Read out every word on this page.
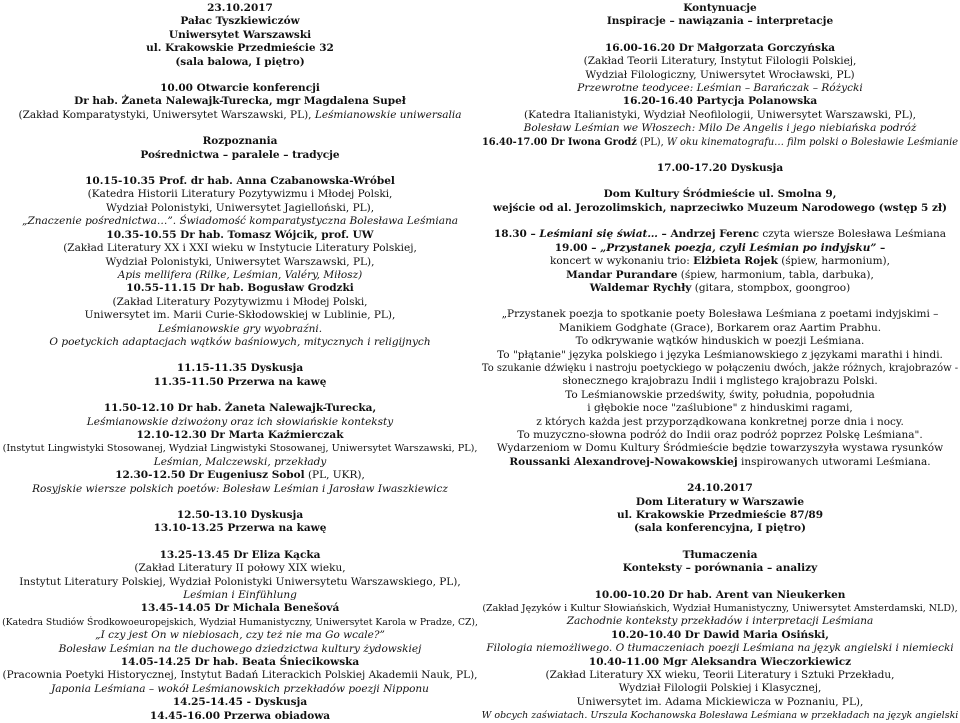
23.10.2017

Pałac Tyszkiewiczów

Uniwersytet Warszawski

ul. Krakowskie Przedmieście 32

(sala balowa, I piętro)

10.00 Otwarcie konferencji

Dr hab. Żaneta Nalewajk-Turecka, mgr Magdalena Supeł

(Zakład Komparatystyki, Uniwersytet Warszawski, PL), Leśmianowskie uniwersalia

Rozpoznania

Pośrednictwa – paralele – tradycje

10.15-10.35 Prof. dr hab. Anna Czabanowska-Wróbel

(Katedra Historii Literatury Pozytywizmu i Młodej Polski,

Wydział Polonistyki, Uniwersytet Jagielloński, PL),

„Znaczenie pośrednictwa…”. Świadomość komparatystyczna Bolesława Leśmiana

10.35-10.55 Dr hab. Tomasz Wójcik, prof. UW

(Zakład Literatury XX i XXI wieku w Instytucie Literatury Polskiej,

Wydział Polonistyki, Uniwersytet Warszawski, PL),

Apis mellifera (Rilke, Leśmian, Valéry, Miłosz)

10.55-11.15 Dr hab. Bogusław Grodzki

(Zakład Literatury Pozytywizmu i Młodej Polski,

Uniwersytet im. Marii Curie-Skłodowskiej w Lublinie, PL),

Leśmianowskie gry wyobraźni.

O poetyckich adaptacjach wątków baśniowych, mitycznych i religijnych

11.15-11.35 Dyskusja

11.35-11.50 Przerwa na kawę

11.50-12.10 Dr hab. Żaneta Nalewajk-Turecka,

Leśmianowskie dziwożony oraz ich słowiańskie konteksty

12.10-12.30 Dr Marta Kaźmierczak

(Instytut Lingwistyki Stosowanej, Wydział Lingwistyki Stosowanej, Uniwersytet Warszawski, PL),

Leśmian, Malczewski, przekłady

12.30-12.50 Dr Eugeniusz Sobol (PL, UKR),

Rosyjskie wiersze polskich poetów: Bolesław Leśmian i Jarosław Iwaszkiewicz

12.50-13.10 Dyskusja

13.10-13.25 Przerwa na kawę

13.25-13.45 Dr Eliza Kącka

(Zakład Literatury II połowy XIX wieku,

Instytut Literatury Polskiej, Wydział Polonistyki Uniwersytetu Warszawskiego, PL),

Leśmian i Einfühlung

13.45-14.05 Dr Michala Benešová

(Katedra Studiów Środkowoeuropejskich, Wydział Humanistyczny, Uniwersytet Karola w Pradze, CZ),

„I czy jest On w niebiosach, czy też nie ma Go wcale?”

Bolesław Leśmian na tle duchowego dziedzictwa kultury żydowskiej

14.05-14.25 Dr hab. Beata Śniecikowska

(Pracownia Poetyki Historycznej, Instytut Badań Literackich Polskiej Akademii Nauk, PL),

Japonia Leśmiana – wokół Leśmianowskich przekładów poezji Nipponu

14.25-14.45 - Dyskusja

14.45-16.00 Przerwa obiadowa

Kontynuacje

Inspiracje – nawiązania – interpretacje

16.00-16.20 Dr Małgorzata Gorczyńska

(Zakład Teorii Literatury, Instytut Filologii Polskiej,

Wydział Filologiczny, Uniwersytet Wrocławski, PL)

Przewrotne teodycee: Leśmian – Barańczak – Różycki

16.20-16.40 Partycja Polanowska

(Katedra Italianistyki, Wydział Neofilologii, Uniwersytet Warszawski, PL),

Bolesław Leśmian we Włoszech: Milo De Angelis i jego niebiańska podróż

16.40-17.00 Dr Iwona Grodź (PL), W oku kinematografu… film polski o Bolesławie Leśmianie

17.00-17.20 Dyskusja

Dom Kultury Śródmieście ul. Smolna 9,

wejście od al. Jerozolimskich, naprzeciwko Muzeum Narodowego (wstęp 5 zł)

18.30 – Leśmiani się świat… – Andrzej Ferenc czyta wiersze Bolesława Leśmiana

19.00 – „Przystanek poezja, czyli Leśmian po indyjsku” –

koncert w wykonaniu trio: Elżbieta Rojek (śpiew, harmonium),

Mandar Purandare (śpiew, harmonium, tabla, darbuka),

Waldemar Rychły (gitara, stompbox, goongroo)

„Przystanek poezja to spotkanie poety Bolesława Leśmiana z poetami indyjskimi –

Manikiem Godghate (Grace), Borkarem oraz Aartim Prabhu.

To odkrywanie wątków hinduskich w poezji Leśmiana.

To "płątanie" języka polskiego i języka Leśmianowskiego z językami marathi i hindi.

To szukanie dźwięku i nastroju poetyckiego w połączeniu dwóch, jakże różnych, krajobrazów -

słonecznego krajobrazu Indii i mglistego krajobrazu Polski.

To Leśmianowskie przedświty, świty, południa, popołudnia

i głębokie noce "zaślubione" z hinduskimi ragami,

z których każda jest przyporządkowana konkretnej porze dnia i nocy.

To muzyczno-słowna podróż do Indii oraz podróż poprzez Polskę Leśmiana".

Wydarzeniom w Domu Kultury Śródmieście będzie towarzyszyła wystawa rysunków

Roussanki Alexandrovej-Nowakowskiej inspirowanych utworami Leśmiana.

24.10.2017

Dom Literatury w Warszawie

ul. Krakowskie Przedmieście 87/89

(sala konferencyjna, I piętro)

Tłumaczenia

Konteksty – porównania – analizy

10.00-10.20 Dr hab. Arent van Nieukerken

(Zakład Języków i Kultur Słowiańskich, Wydział Humanistyczny, Uniwersytet Amsterdamski, NLD),

Zachodnie konteksty przekładów i interpretacji Leśmiana

10.20-10.40 Dr Dawid Maria Osiński,

Filologia niemożliwego. O tłumaczeniach poezji Leśmiana na język angielski i niemiecki

10.40-11.00 Mgr Aleksandra Wieczorkiewicz

(Zakład Literatury XX wieku, Teorii Literatury i Sztuki Przekładu,

Wydział Filologii Polskiej i Klasycznej,

Uniwersytet im. Adama Mickiewicza w Poznaniu, PL),

W obcych zaświatach. Urszula Kochanowska Bolesława Leśmiana w przekładach na język angielski
